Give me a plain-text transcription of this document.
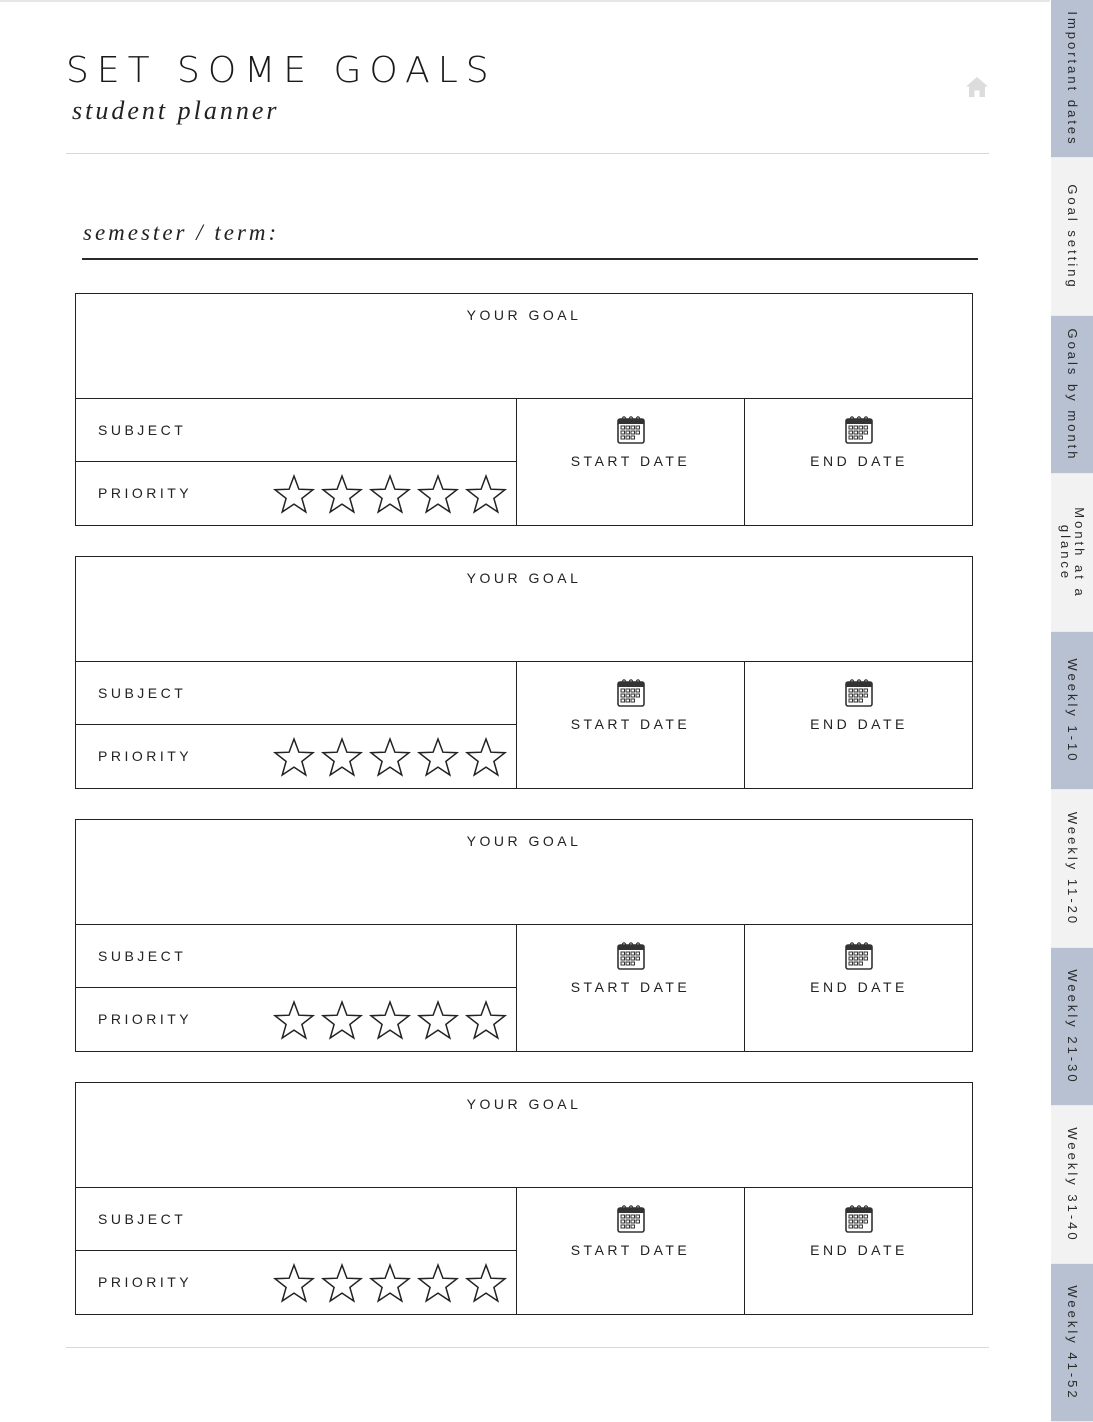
SET SOME GOALS
student planner
semester / term:
YOUR GOAL
SUBJECT
PRIORITY
START DATE	END DATE
YOUR GOAL
SUBJECT
PRIORITY
START DATE	END DATE
YOUR GOAL
SUBJECT
PRIORITY
START DATE	END DATE
YOUR GOAL
SUBJECT
PRIORITY
START DATE	END DATE
Important dates
Goal setting
Goals by month
Month at a glance
Weekly 1-10
Weekly 11-20
Weekly 21-30
Weekly 31-40
Weekly 41-52
